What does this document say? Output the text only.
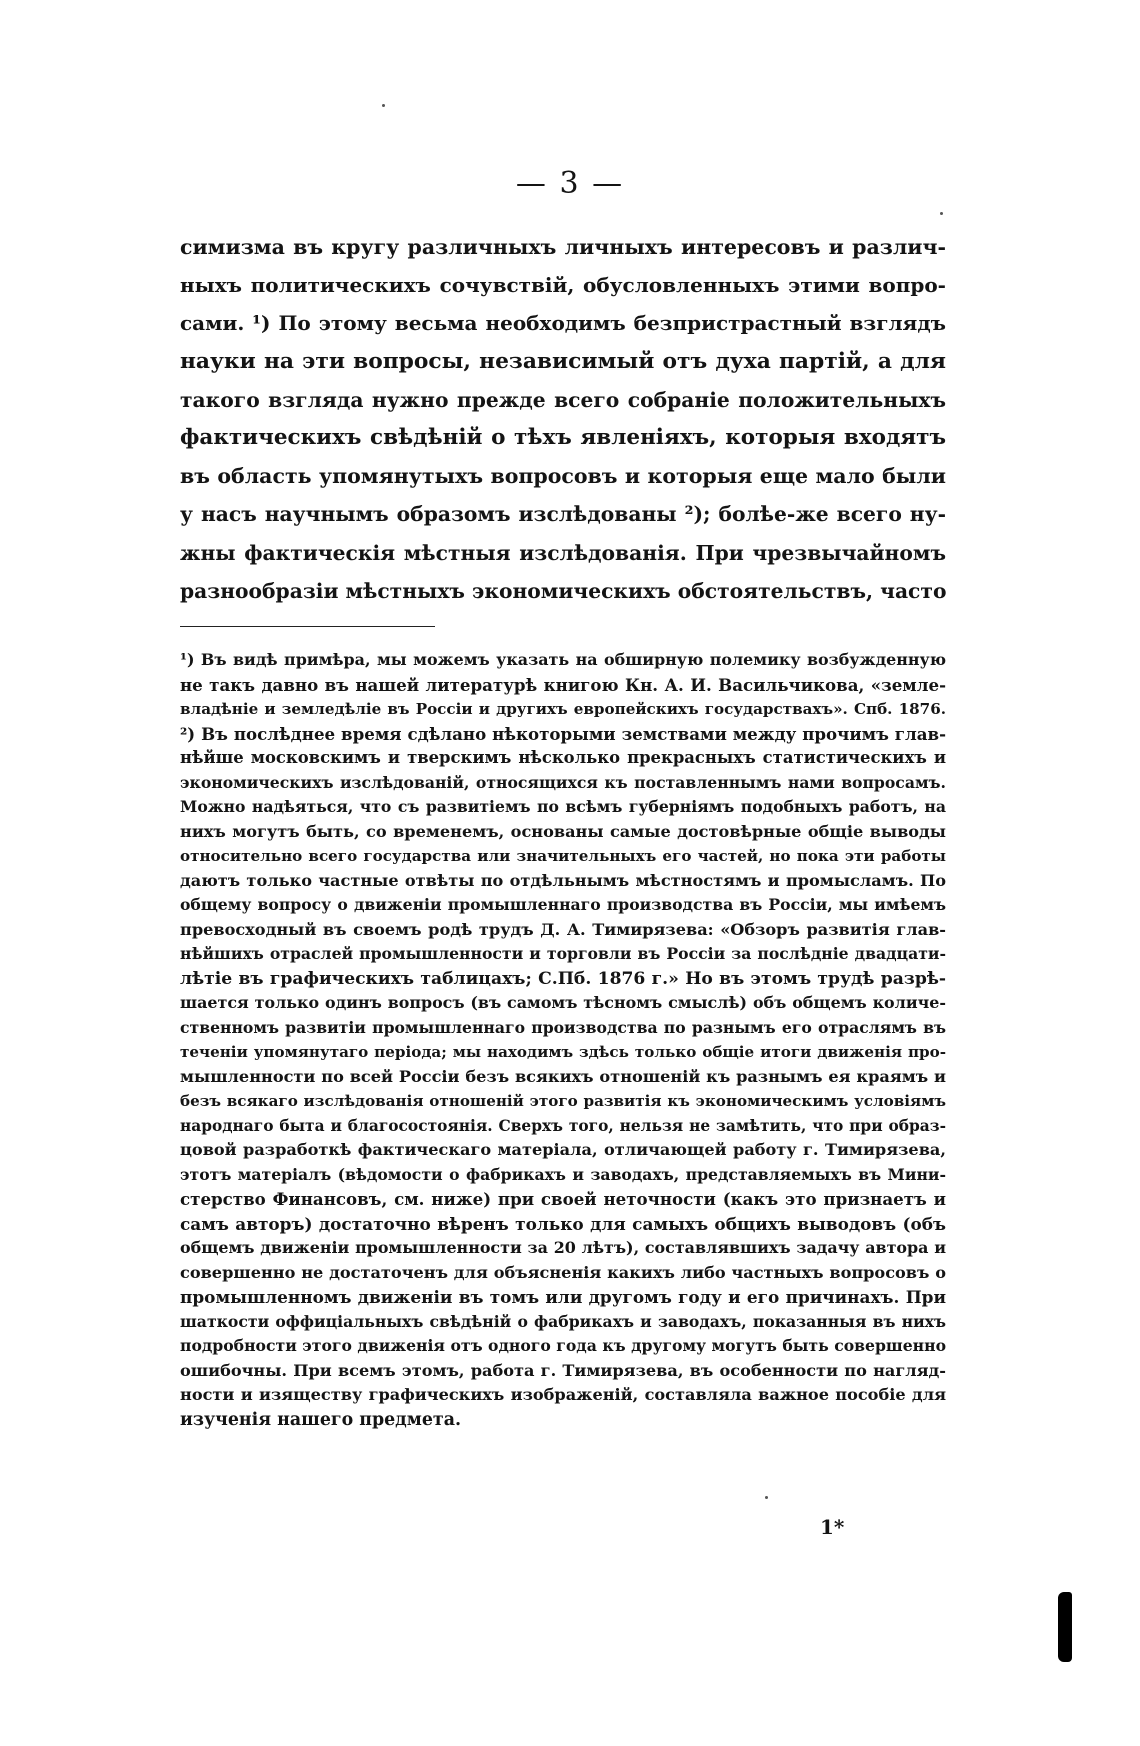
— 3 —
симизма въ кругу различныхъ личныхъ интересовъ и различ-
ныхъ политическихъ сочувствій, обусловленныхъ этими вопро-
сами. ¹) По этому весьма необходимъ безпристрастный взглядъ
науки на эти вопросы, независимый отъ духа партій, а для
такого взгляда нужно прежде всего собраніе положительныхъ
фактическихъ свѣдѣній о тѣхъ явленіяхъ, которыя входятъ
въ область упомянутыхъ вопросовъ и которыя еще мало были
у насъ научнымъ образомъ изслѣдованы ²); болѣе-же всего ну-
жны фактическія мѣстныя изслѣдованія. При чрезвычайномъ
разнообразіи мѣстныхъ экономическихъ обстоятельствъ, часто
¹) Въ видѣ примѣра, мы можемъ указать на обширную полемику возбужденную
не такъ давно въ нашей литературѣ книгою Кн. А. И. Васильчикова, «земле-
владѣніе и земледѣліе въ Россіи и другихъ европейскихъ государствахъ». Спб. 1876.
²) Въ послѣднее время сдѣлано нѣкоторыми земствами между прочимъ глав-
нѣйше московскимъ и тверскимъ нѣсколько прекрасныхъ статистическихъ и
экономическихъ изслѣдованій, относящихся къ поставленнымъ нами вопросамъ.
Можно надѣяться, что съ развитіемъ по всѣмъ губерніямъ подобныхъ работъ, на
нихъ могутъ быть, со временемъ, основаны самые достовѣрные общіе выводы
относительно всего государства или значительныхъ его частей, но пока эти работы
даютъ только частные отвѣты по отдѣльнымъ мѣстностямъ и промысламъ. По
общему вопросу о движеніи промышленнаго производства въ Россіи, мы имѣемъ
превосходный въ своемъ родѣ трудъ Д. А. Тимирязева: «Обзоръ развитія глав-
нѣйшихъ отраслей промышленности и торговли въ Россіи за послѣдніе двадцати-
лѣтіе въ графическихъ таблицахъ; С.Пб. 1876 г.» Но въ этомъ трудѣ разрѣ-
шается только одинъ вопросъ (въ самомъ тѣсномъ смыслѣ) объ общемъ количе-
ственномъ развитіи промышленнаго производства по разнымъ его отраслямъ въ
теченіи упомянутаго періода; мы находимъ здѣсь только общіе итоги движенія про-
мышленности по всей Россіи безъ всякихъ отношеній къ разнымъ ея краямъ и
безъ всякаго изслѣдованія отношеній этого развитія къ экономическимъ условіямъ
народнаго быта и благосостоянія. Сверхъ того, нельзя не замѣтить, что при образ-
цовой разработкѣ фактическаго матеріала, отличающей работу г. Тимирязева,
этотъ матеріалъ (вѣдомости о фабрикахъ и заводахъ, представляемыхъ въ Мини-
стерство Финансовъ, см. ниже) при своей неточности (какъ это признаетъ и
самъ авторъ) достаточно вѣренъ только для самыхъ общихъ выводовъ (объ
общемъ движеніи промышленности за 20 лѣтъ), составлявшихъ задачу автора и
совершенно не достаточенъ для объясненія какихъ либо частныхъ вопросовъ о
промышленномъ движеніи въ томъ или другомъ году и его причинахъ. При
шаткости оффиціальныхъ свѣдѣній о фабрикахъ и заводахъ, показанныя въ нихъ
подробности этого движенія отъ одного года къ другому могутъ быть совершенно
ошибочны. При всемъ этомъ, работа г. Тимирязева, въ особенности по нагляд-
ности и изяществу графическихъ изображеній, составляла важное пособіе для
изученія нашего предмета.
1*
